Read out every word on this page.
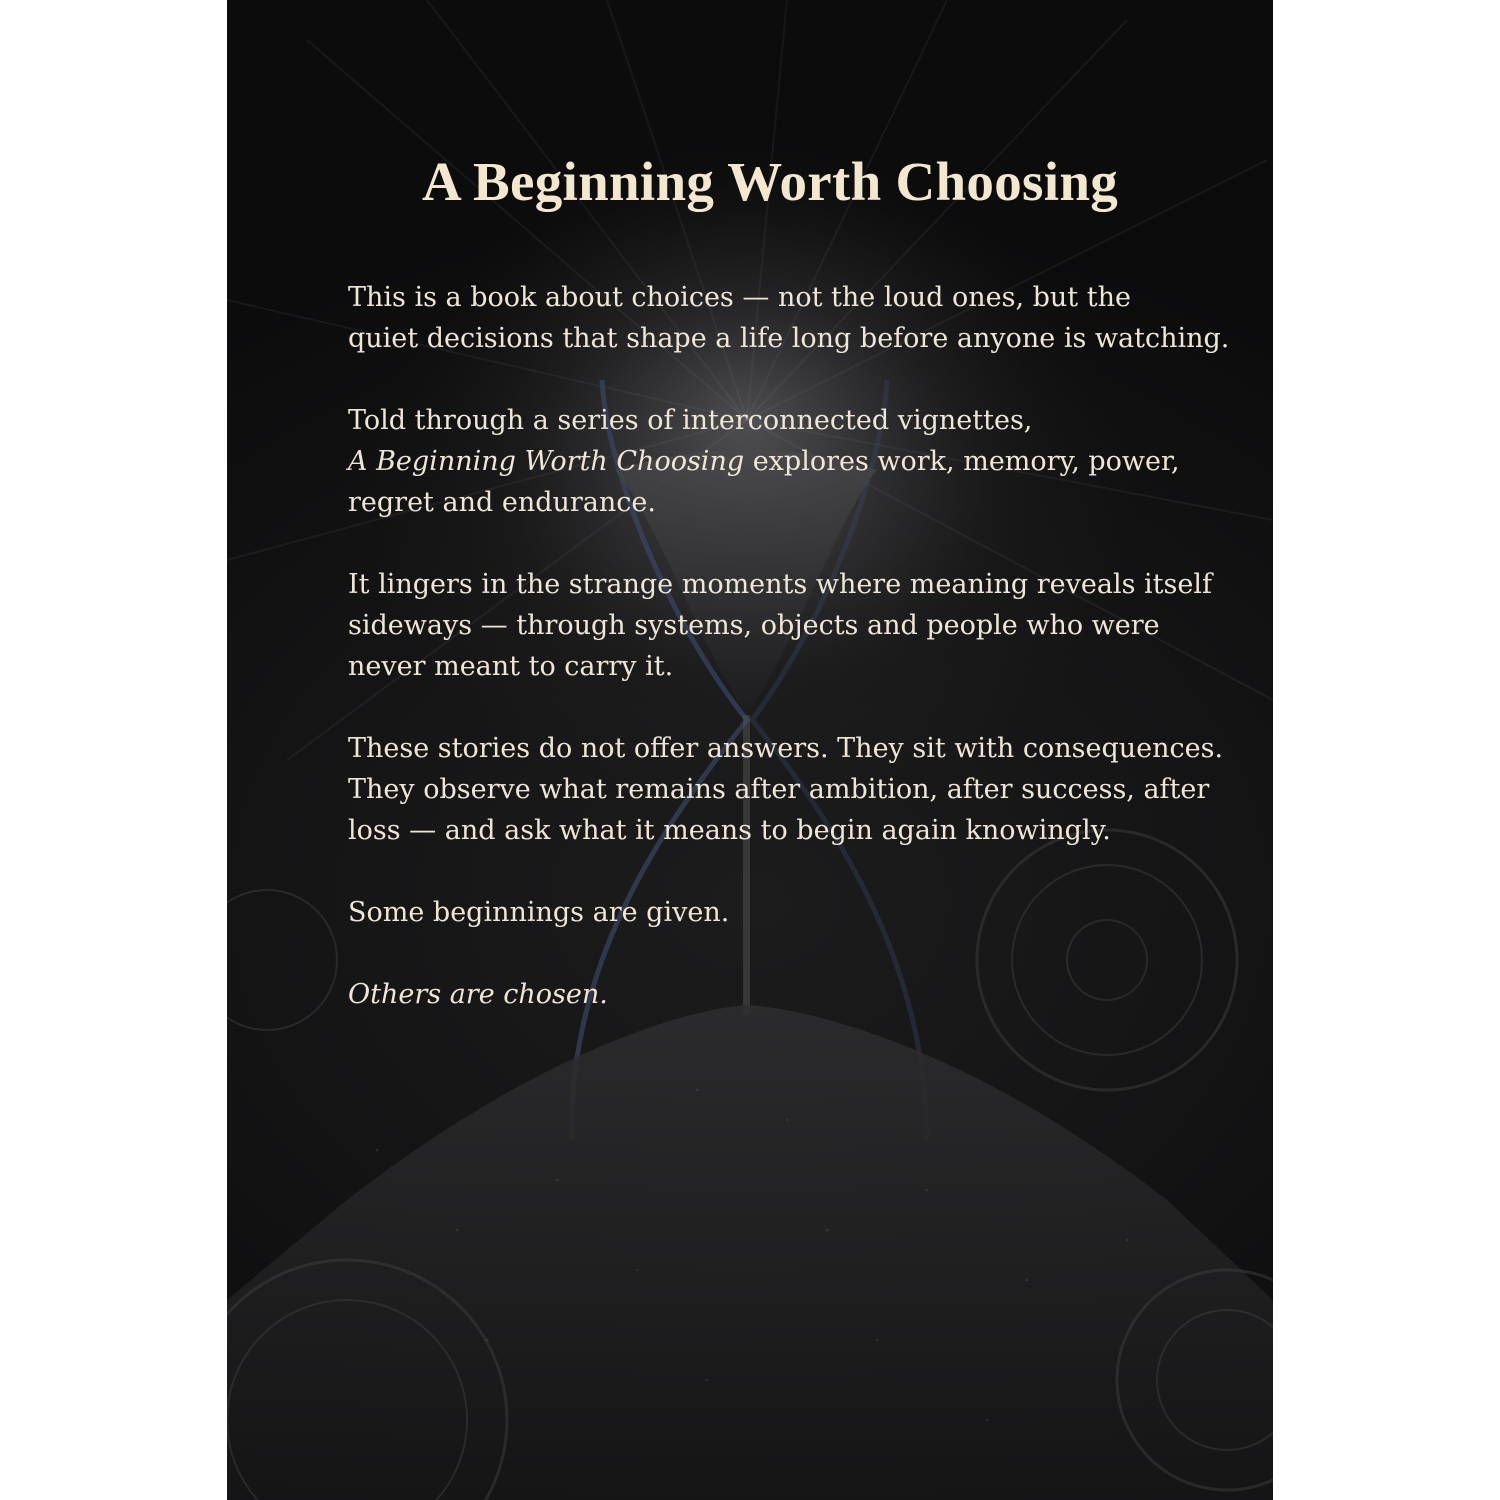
A Beginning Worth Choosing

This is a book about choices — not the loud ones, but the
quiet decisions that shape a life long before anyone is watching.

Told through a series of interconnected vignettes,
A Beginning Worth Choosing explores work, memory, power,
regret and endurance.

It lingers in the strange moments where meaning reveals itself
sideways — through systems, objects and people who were
never meant to carry it.

These stories do not offer answers. They sit with consequences.
They observe what remains after ambition, after success, after
loss — and ask what it means to begin again knowingly.

Some beginnings are given.

Others are chosen.
